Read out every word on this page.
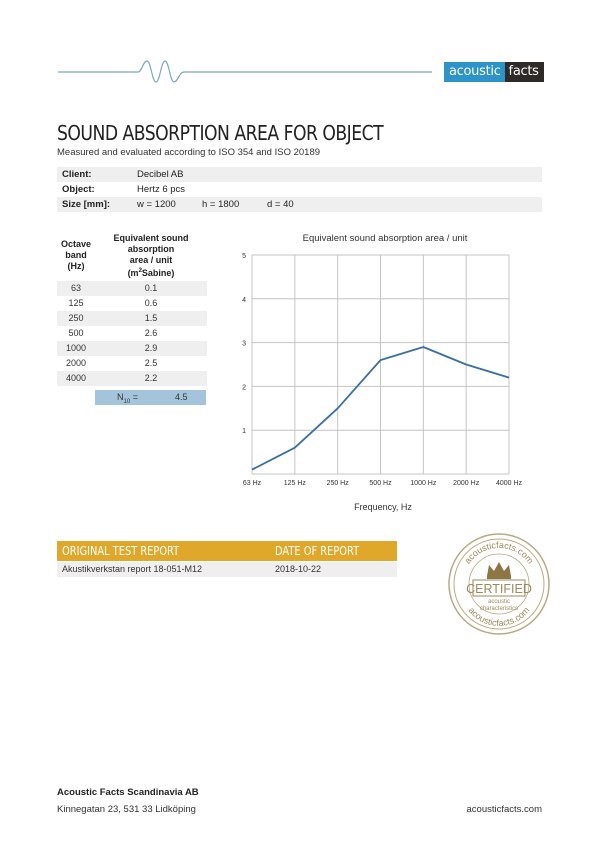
acoustic facts
SOUND ABSORPTION AREA FOR OBJECT
Measured and evaluated according to ISO 354 and ISO 20189
Client:	Decibel AB
Object:	Hertz 6 pcs
Size [mm]:	w = 1200	h = 1800	d = 40
Octave
band
(Hz)
Equivalent sound
absorption
area / unit
$(m^2Sabine)$
63	0.1
125	0.6
250	1.5
500	2.6
1000	2.9
2000	2.5
4000	2.2
$N_{10}$ =	4.5
Equivalent sound absorption area / unit
1
2
3
4
5
63 Hz	125 Hz	250 Hz	500 Hz	1000 Hz 2000 Hz 4000 Hz
Frequency, Hz
ORIGINAL TEST REPORT	DATE OF REPORT
Akustikverkstan report 18-051-M12	2018-10-22
acousticfacts.com
acousticfacts.com
CERTIFIED
acoustic
characteristics
Acoustic Facts Scandinavia AB
Kinnegatan 23, 531 33 Lidköping	acousticfacts.com
